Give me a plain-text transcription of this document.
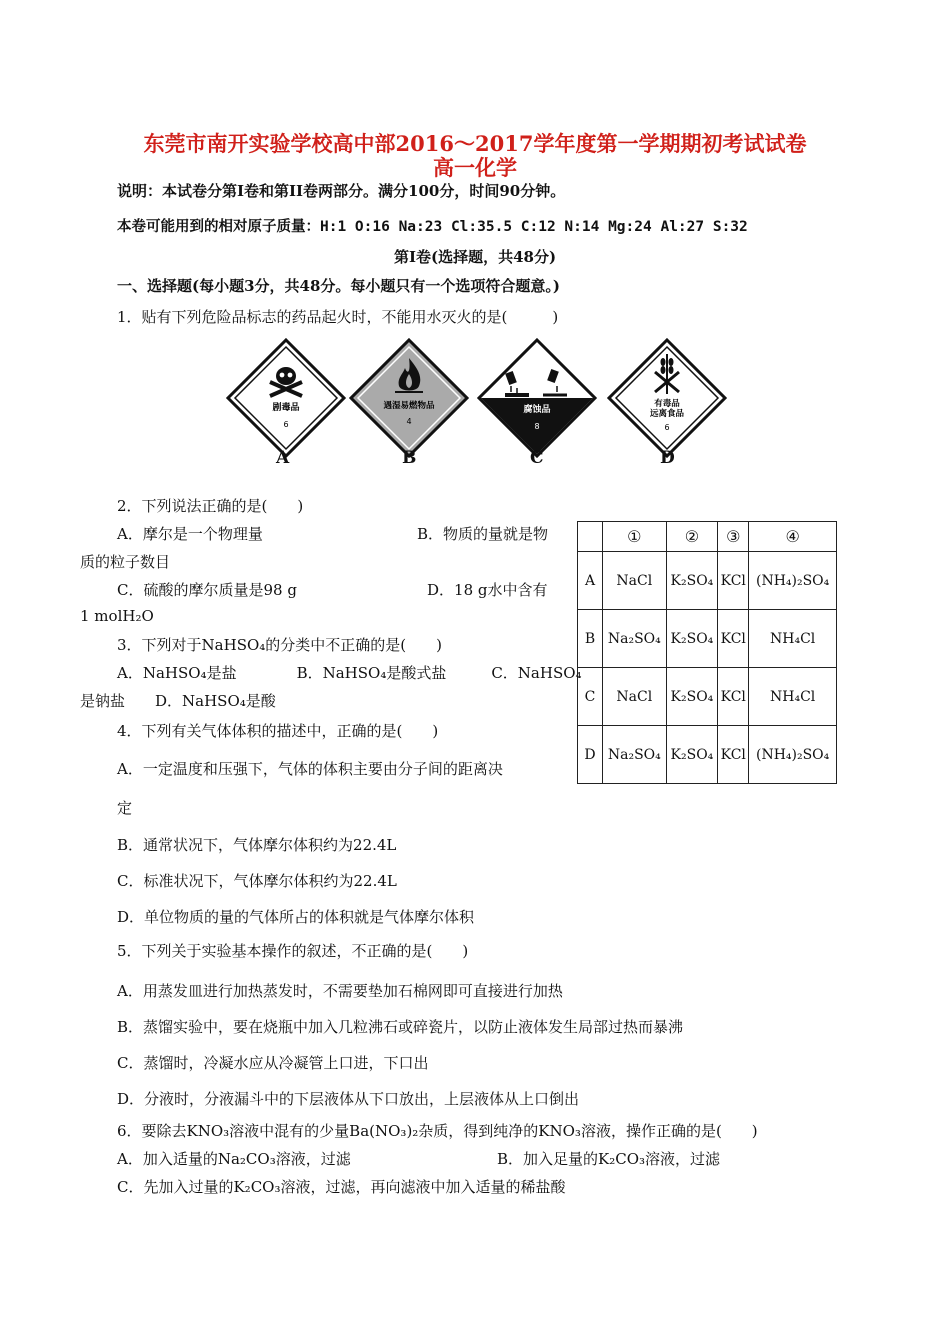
东莞市南开实验学校高中部2016～2017学年度第一学期期初考试试卷
高一化学
说明：本试卷分第Ⅰ卷和第II卷两部分。满分100分，时间90分钟。
本卷可能用到的相对原子质量：H:1 O:16 Na:23 Cl:35.5 C:12 N:14 Mg:24 Al:27 S:32
第Ⅰ卷(选择题，共48分)
一、选择题(每小题3分，共48分。每小题只有一个选项符合题意。)
1．贴有下列危险品标志的药品起火时，不能用水灭火的是(　　　)
剧毒品
6
遇湿易燃物品
4
腐蚀品
8
有毒品
远离食品
6
A	B	C	D
2．下列说法正确的是(　　)
A．摩尔是一个物理量	B．物质的量就是物
质的粒子数目
C．硫酸的摩尔质量是98 g	D．18 g水中含有
1 molH₂O
	①	②	③	④
A	NaCl	K₂SO₄	KCl	(NH₄)₂SO₄
B	Na₂SO₄	K₂SO₄	KCl	NH₄Cl
C	NaCl	K₂SO₄	KCl	NH₄Cl
D	Na₂SO₄	K₂SO₄	KCl	(NH₄)₂SO₄
3．下列对于NaHSO₄的分类中不正确的是(　　)
A．NaHSO₄是盐　　　　B．NaHSO₄是酸式盐　　　C．NaHSO₄
是钠盐　　D．NaHSO₄是酸
4．下列有关气体体积的描述中，正确的是(　　)
A．一定温度和压强下，气体的体积主要由分子间的距离决
定
B．通常状况下，气体摩尔体积约为22.4L
C．标准状况下，气体摩尔体积约为22.4L
D．单位物质的量的气体所占的体积就是气体摩尔体积
5．下列关于实验基本操作的叙述，不正确的是(　　)
A．用蒸发皿进行加热蒸发时，不需要垫加石棉网即可直接进行加热
B．蒸馏实验中，要在烧瓶中加入几粒沸石或碎瓷片，以防止液体发生局部过热而暴沸
C．蒸馏时，冷凝水应从冷凝管上口进，下口出
D．分液时，分液漏斗中的下层液体从下口放出，上层液体从上口倒出
6．要除去KNO₃溶液中混有的少量Ba(NO₃)₂杂质，得到纯净的KNO₃溶液，操作正确的是(　　)
A．加入适量的Na₂CO₃溶液，过滤	B．加入足量的K₂CO₃溶液，过滤
C．先加入过量的K₂CO₃溶液，过滤，再向滤液中加入适量的稀盐酸
